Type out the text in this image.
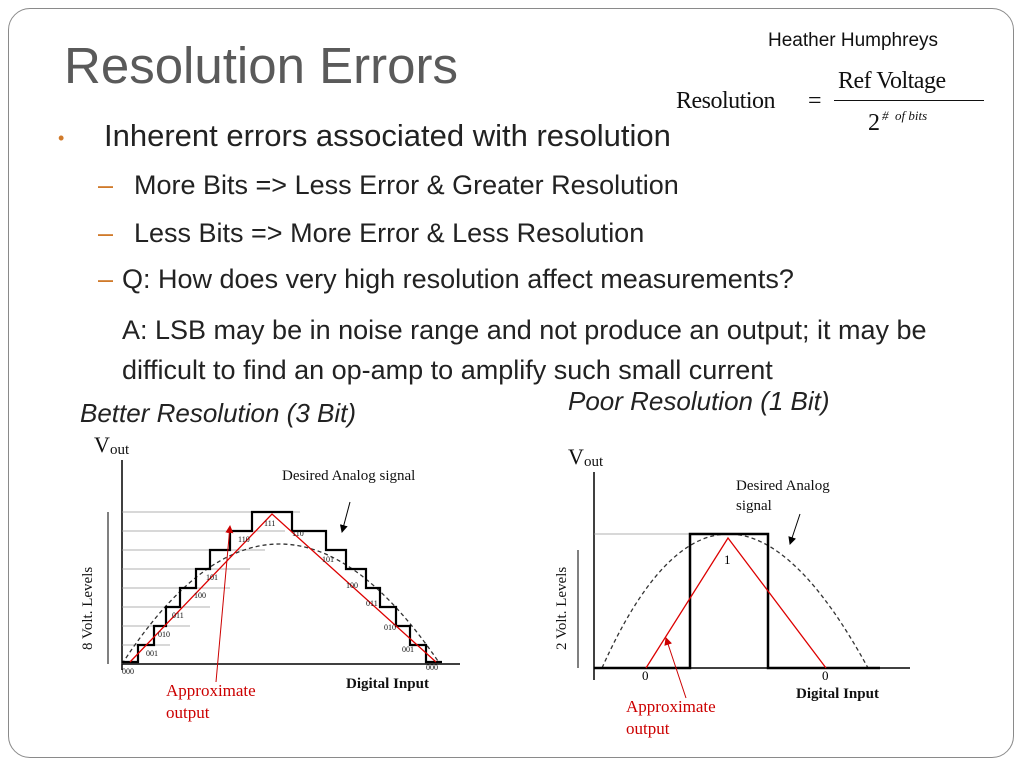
Resolution Errors	Heather Humphreys
Resolution =
Ref Voltage
2 #  of bits
• Inherent errors associated with resolution
– More Bits => Less Error & Greater Resolution
– Less Bits => More Error & Less Resolution
– Q: How does very high resolution affect measurements?
A: LSB may be in noise range and not produce an output; it may be difficult to find an op-amp to amplify such small current
Better Resolution (3 Bit)	Poor Resolution (1 Bit)
V out
8 Volt. Levels
000
001
010
011
100
101
110
111
110
101
100
011
010
001
000
Desired Analog signal
Approximate
output
Digital Input
V out
2 Volt. Levels
1
0	0
Desired Analog
signal
Approximate
output
Digital Input
